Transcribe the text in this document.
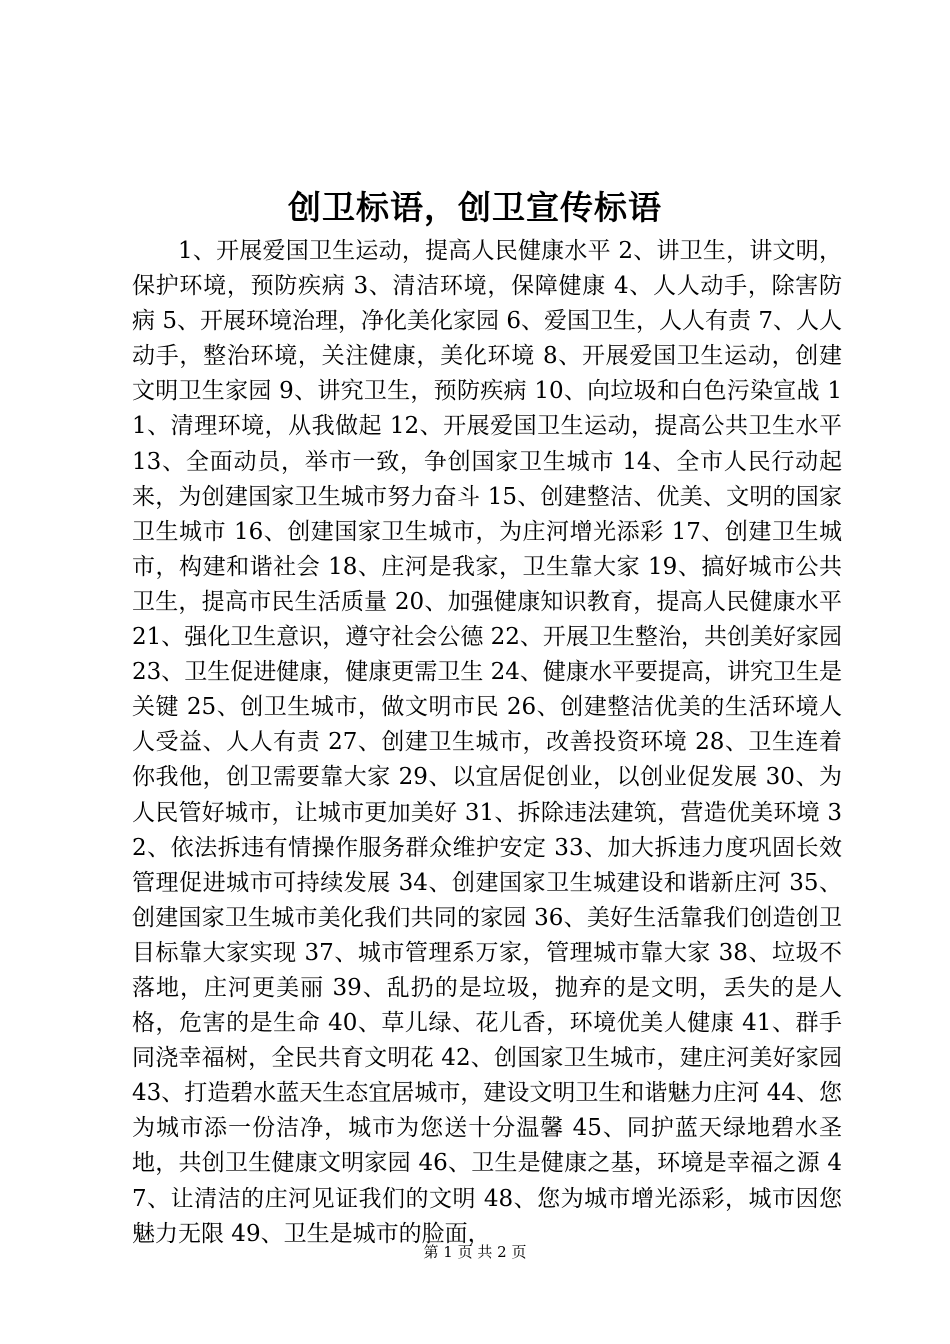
创卫标语，创卫宣传标语

1、开展爱国卫生运动，提高人民健康水平 2、讲卫生，讲文明，保护环境，预防疾病 3、清洁环境，保障健康 4、人人动手，除害防病 5、开展环境治理，净化美化家园 6、爱国卫生，人人有责 7、人人动手，整治环境，关注健康，美化环境 8、开展爱国卫生运动，创建文明卫生家园 9、讲究卫生，预防疾病 10、向垃圾和白色污染宣战 11、清理环境，从我做起 12、开展爱国卫生运动，提高公共卫生水平 13、全面动员，举市一致，争创国家卫生城市 14、全市人民行动起来，为创建国家卫生城市努力奋斗 15、创建整洁、优美、文明的国家卫生城市 16、创建国家卫生城市，为庄河增光添彩 17、创建卫生城市，构建和谐社会 18、庄河是我家，卫生靠大家 19、搞好城市公共卫生，提高市民生活质量 20、加强健康知识教育，提高人民健康水平 21、强化卫生意识，遵守社会公德 22、开展卫生整治，共创美好家园 23、卫生促进健康，健康更需卫生 24、健康水平要提高，讲究卫生是关键 25、创卫生城市，做文明市民 26、创建整洁优美的生活环境人人受益、人人有责 27、创建卫生城市，改善投资环境 28、卫生连着你我他，创卫需要靠大家 29、以宜居促创业，以创业促发展 30、为人民管好城市，让城市更加美好 31、拆除违法建筑，营造优美环境 32、依法拆违有情操作服务群众维护安定 33、加大拆违力度巩固长效管理促进城市可持续发展 34、创建国家卫生城建设和谐新庄河 35、创建国家卫生城市美化我们共同的家园 36、美好生活靠我们创造创卫目标靠大家实现 37、城市管理系万家，管理城市靠大家 38、垃圾不落地，庄河更美丽 39、乱扔的是垃圾，抛弃的是文明，丢失的是人格，危害的是生命 40、草儿绿、花儿香，环境优美人健康 41、群手同浇幸福树，全民共育文明花 42、创国家卫生城市，建庄河美好家园 43、打造碧水蓝天生态宜居城市，建设文明卫生和谐魅力庄河 44、您为城市添一份洁净，城市为您送十分温馨 45、同护蓝天绿地碧水圣地，共创卫生健康文明家园 46、卫生是健康之基，环境是幸福之源 47、让清洁的庄河见证我们的文明 48、您为城市增光添彩，城市因您魅力无限 49、卫生是城市的脸面，

第 1 页 共 2 页
